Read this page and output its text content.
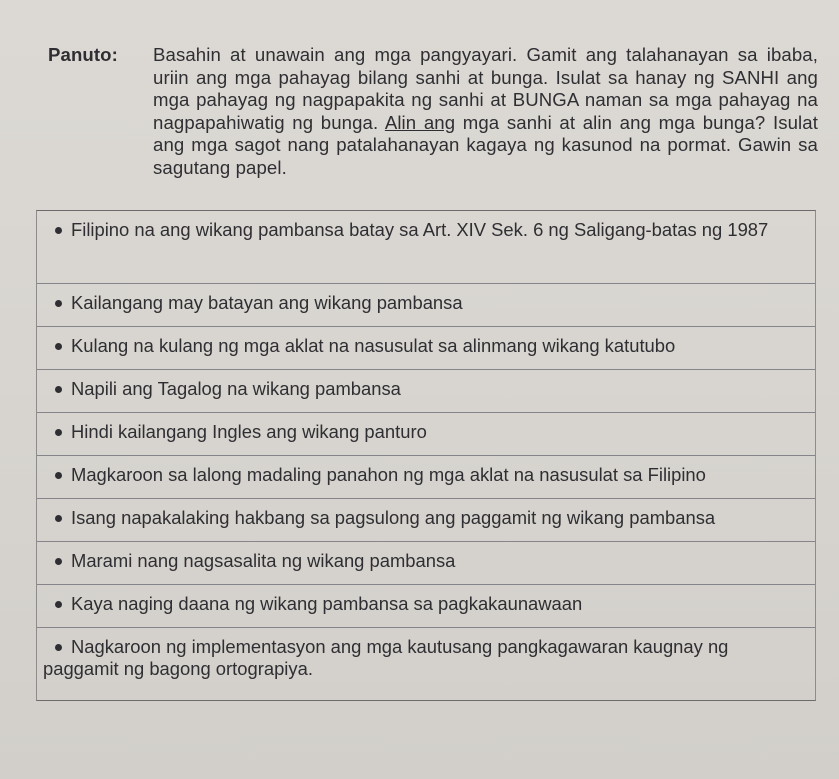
Panuto:	Basahin at unawain ang mga pangyayari. Gamit ang talahanayan sa ibaba, uriin ang mga pahayag bilang sanhi at bunga. Isulat sa hanay ng SANHI ang mga pahayag ng nagpapakita ng sanhi at BUNGA naman sa mga pahayag na nagpapahiwatig ng bunga. Alin ang mga sanhi at alin ang mga bunga? Isulat ang mga sagot nang patalahanayan kagaya ng kasunod na pormat. Gawin sa sagutang papel.
Filipino na ang wikang pambansa batay sa Art. XIV Sek. 6 ng Saligang-batas ng 1987
Kailangang may batayan ang wikang pambansa
Kulang na kulang ng mga aklat na nasusulat sa alinmang wikang katutubo
Napili ang Tagalog na wikang pambansa
Hindi kailangang Ingles ang wikang panturo
Magkaroon sa lalong madaling panahon ng mga aklat na nasusulat sa Filipino
Isang napakalaking hakbang sa pagsulong ang paggamit ng wikang pambansa
Marami nang nagsasalita ng wikang pambansa
Kaya naging daana ng wikang pambansa sa pagkakaunawaan
Nagkaroon ng implementasyon ang mga kautusang pangkagawaran kaugnay ng paggamit ng bagong ortograpiya.
